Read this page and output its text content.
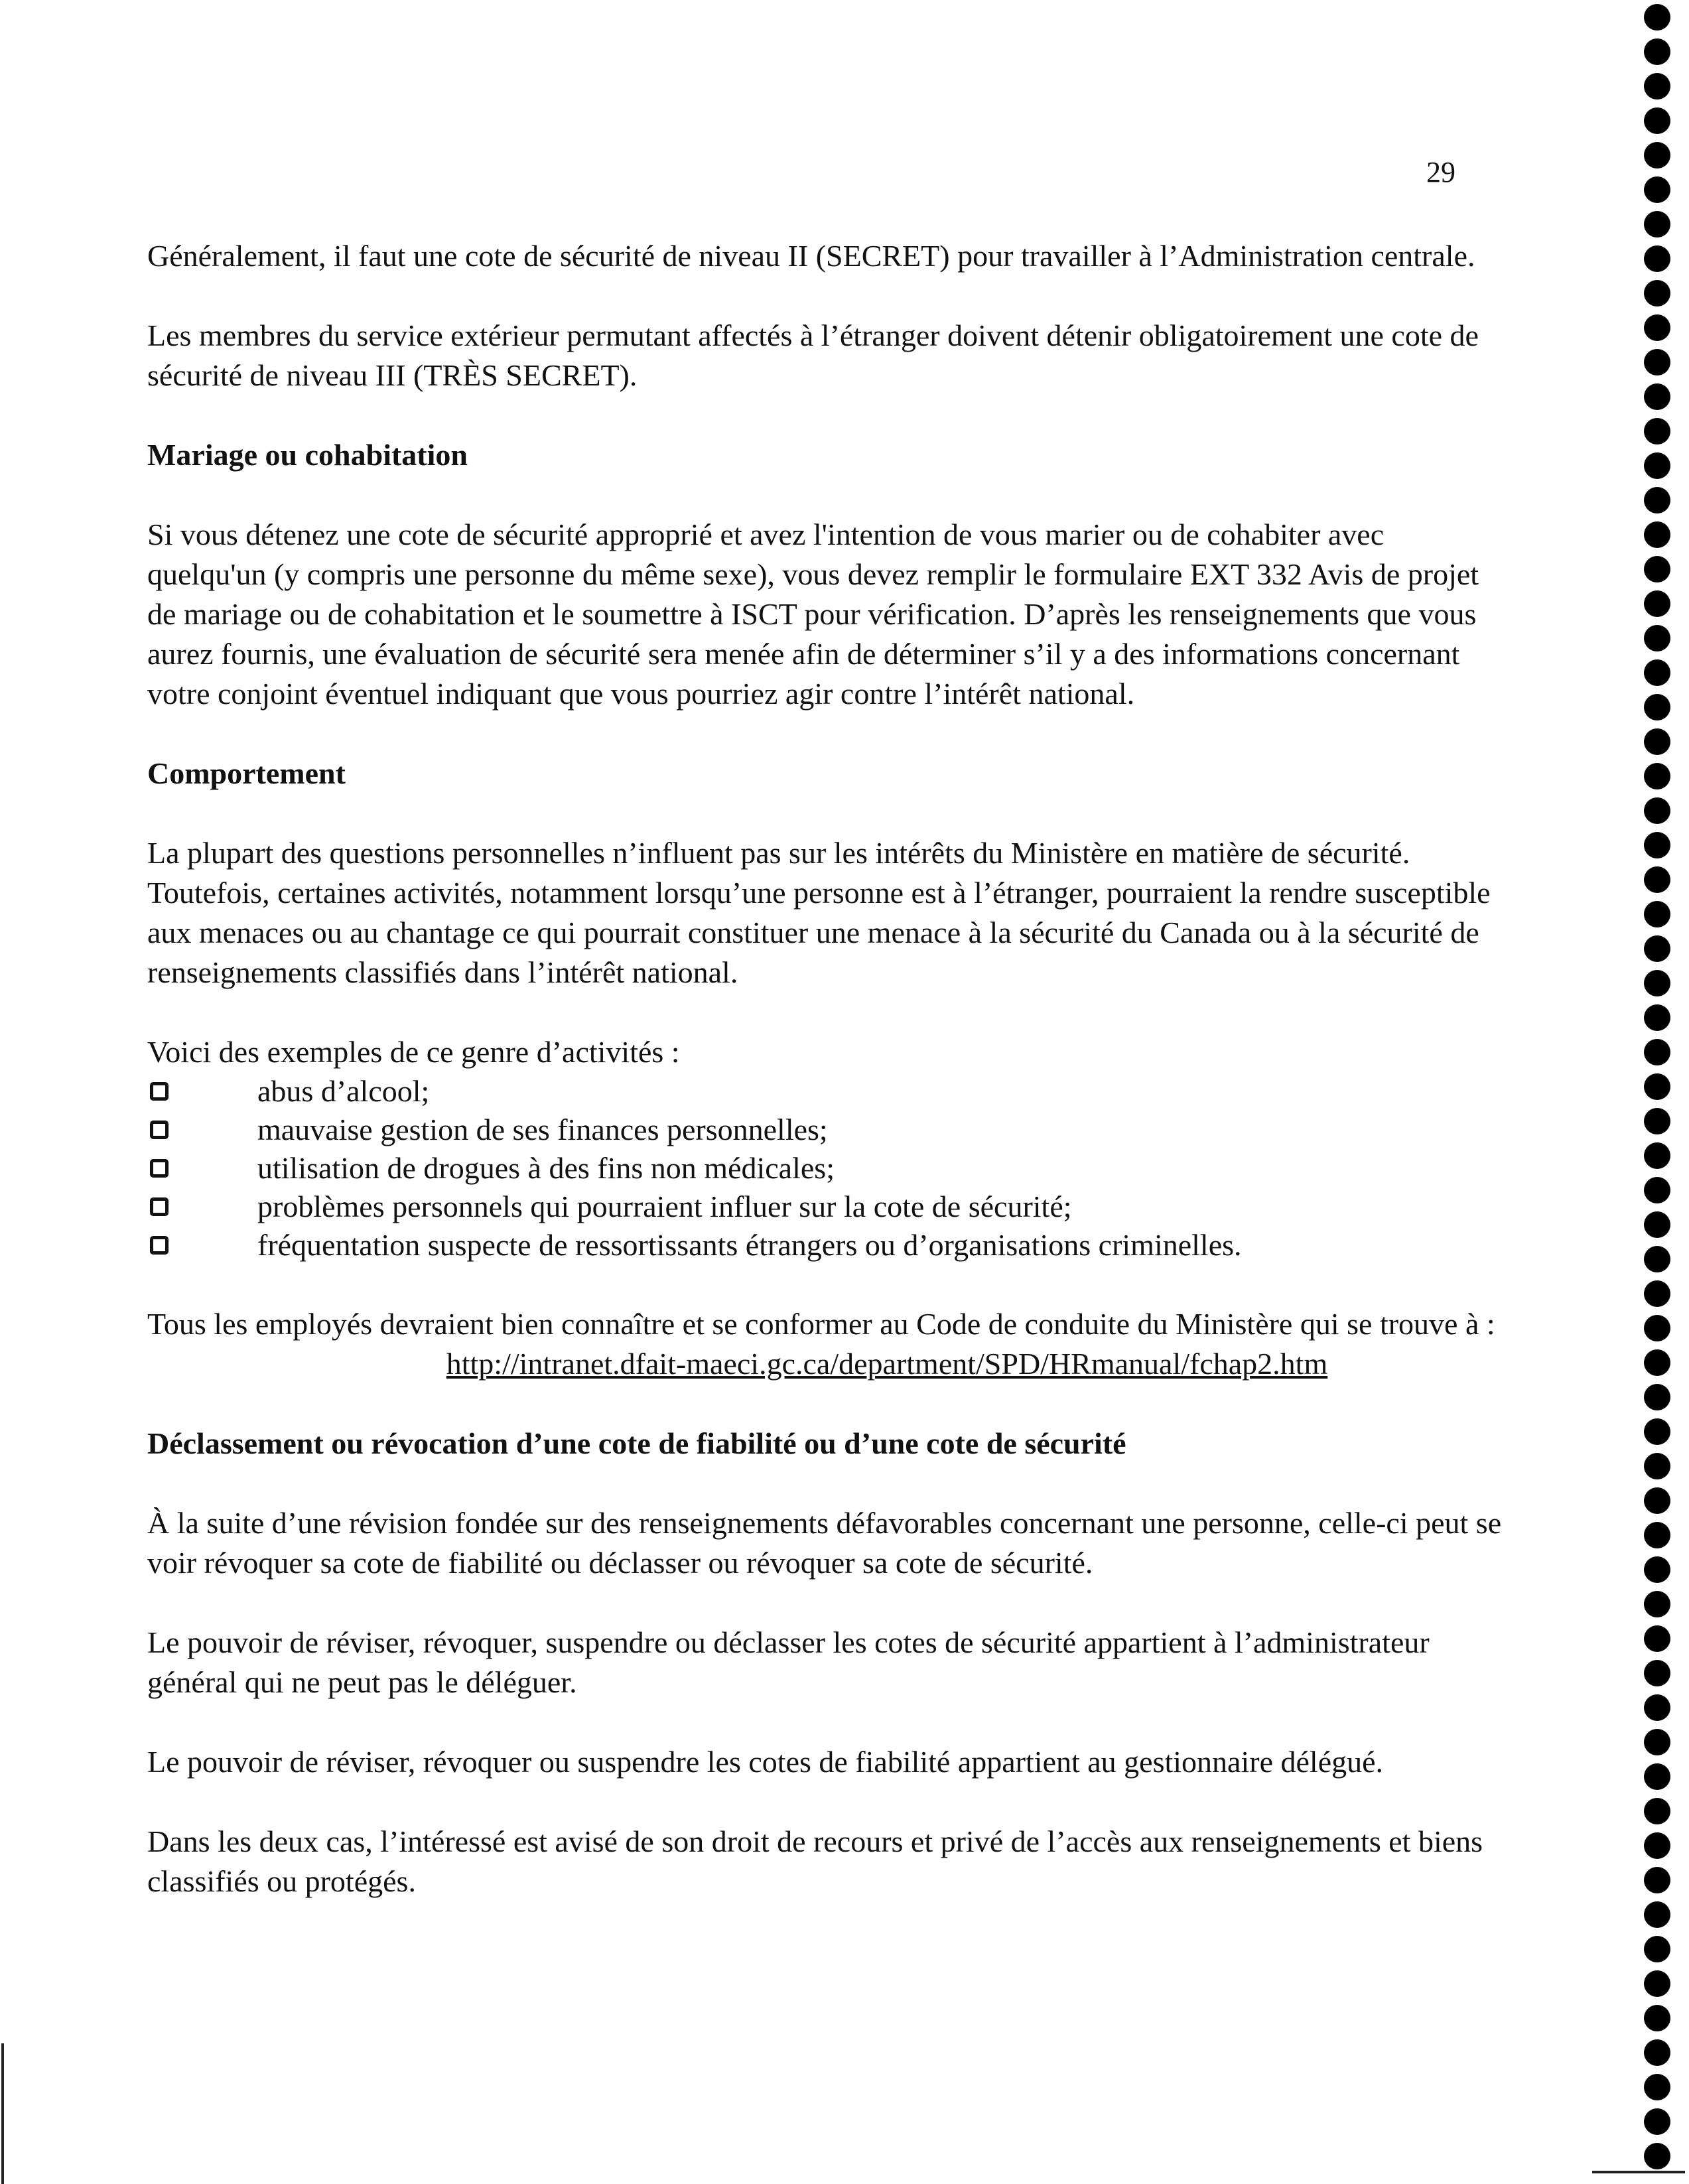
29

Généralement, il faut une cote de sécurité de niveau II (SECRET) pour travailler à l’Administration centrale.

Les membres du service extérieur permutant affectés à l’étranger doivent détenir obligatoirement une cote de sécurité de niveau III (TRÈS SECRET).

Mariage ou cohabitation

Si vous détenez une cote de sécurité approprié et avez l'intention de vous marier ou de cohabiter avec quelqu'un (y compris une personne du même sexe), vous devez remplir le formulaire EXT 332 Avis de projet de mariage ou de cohabitation et le soumettre à ISCT pour vérification. D’après les renseignements que vous aurez fournis, une évaluation de sécurité sera menée afin de déterminer s’il y a des informations concernant votre conjoint éventuel indiquant que vous pourriez agir contre l’intérêt national.

Comportement

La plupart des questions personnelles n’influent pas sur les intérêts du Ministère en matière de sécurité. Toutefois, certaines activités, notamment lorsqu’une personne est à l’étranger, pourraient la rendre susceptible aux menaces ou au chantage ce qui pourrait constituer une menace à la sécurité du Canada ou à la sécurité de renseignements classifiés dans l’intérêt national.

Voici des exemples de ce genre d’activités :

abus d’alcool;
mauvaise gestion de ses finances personnelles;
utilisation de drogues à des fins non médicales;
problèmes personnels qui pourraient influer sur la cote de sécurité;
fréquentation suspecte de ressortissants étrangers ou d’organisations criminelles.

Tous les employés devraient bien connaître et se conformer au Code de conduite du Ministère qui se trouve à :

http://intranet.dfait-maeci.gc.ca/department/SPD/HRmanual/fchap2.htm

Déclassement ou révocation d’une cote de fiabilité ou d’une cote de sécurité

À la suite d’une révision fondée sur des renseignements défavorables concernant une personne, celle-ci peut se voir révoquer sa cote de fiabilité ou déclasser ou révoquer sa cote de sécurité.

Le pouvoir de réviser, révoquer, suspendre ou déclasser les cotes de sécurité appartient à l’administrateur général qui ne peut pas le déléguer.

Le pouvoir de réviser, révoquer ou suspendre les cotes de fiabilité appartient au gestionnaire délégué.

Dans les deux cas, l’intéressé est avisé de son droit de recours et privé de l’accès aux renseignements et biens classifiés ou protégés.
